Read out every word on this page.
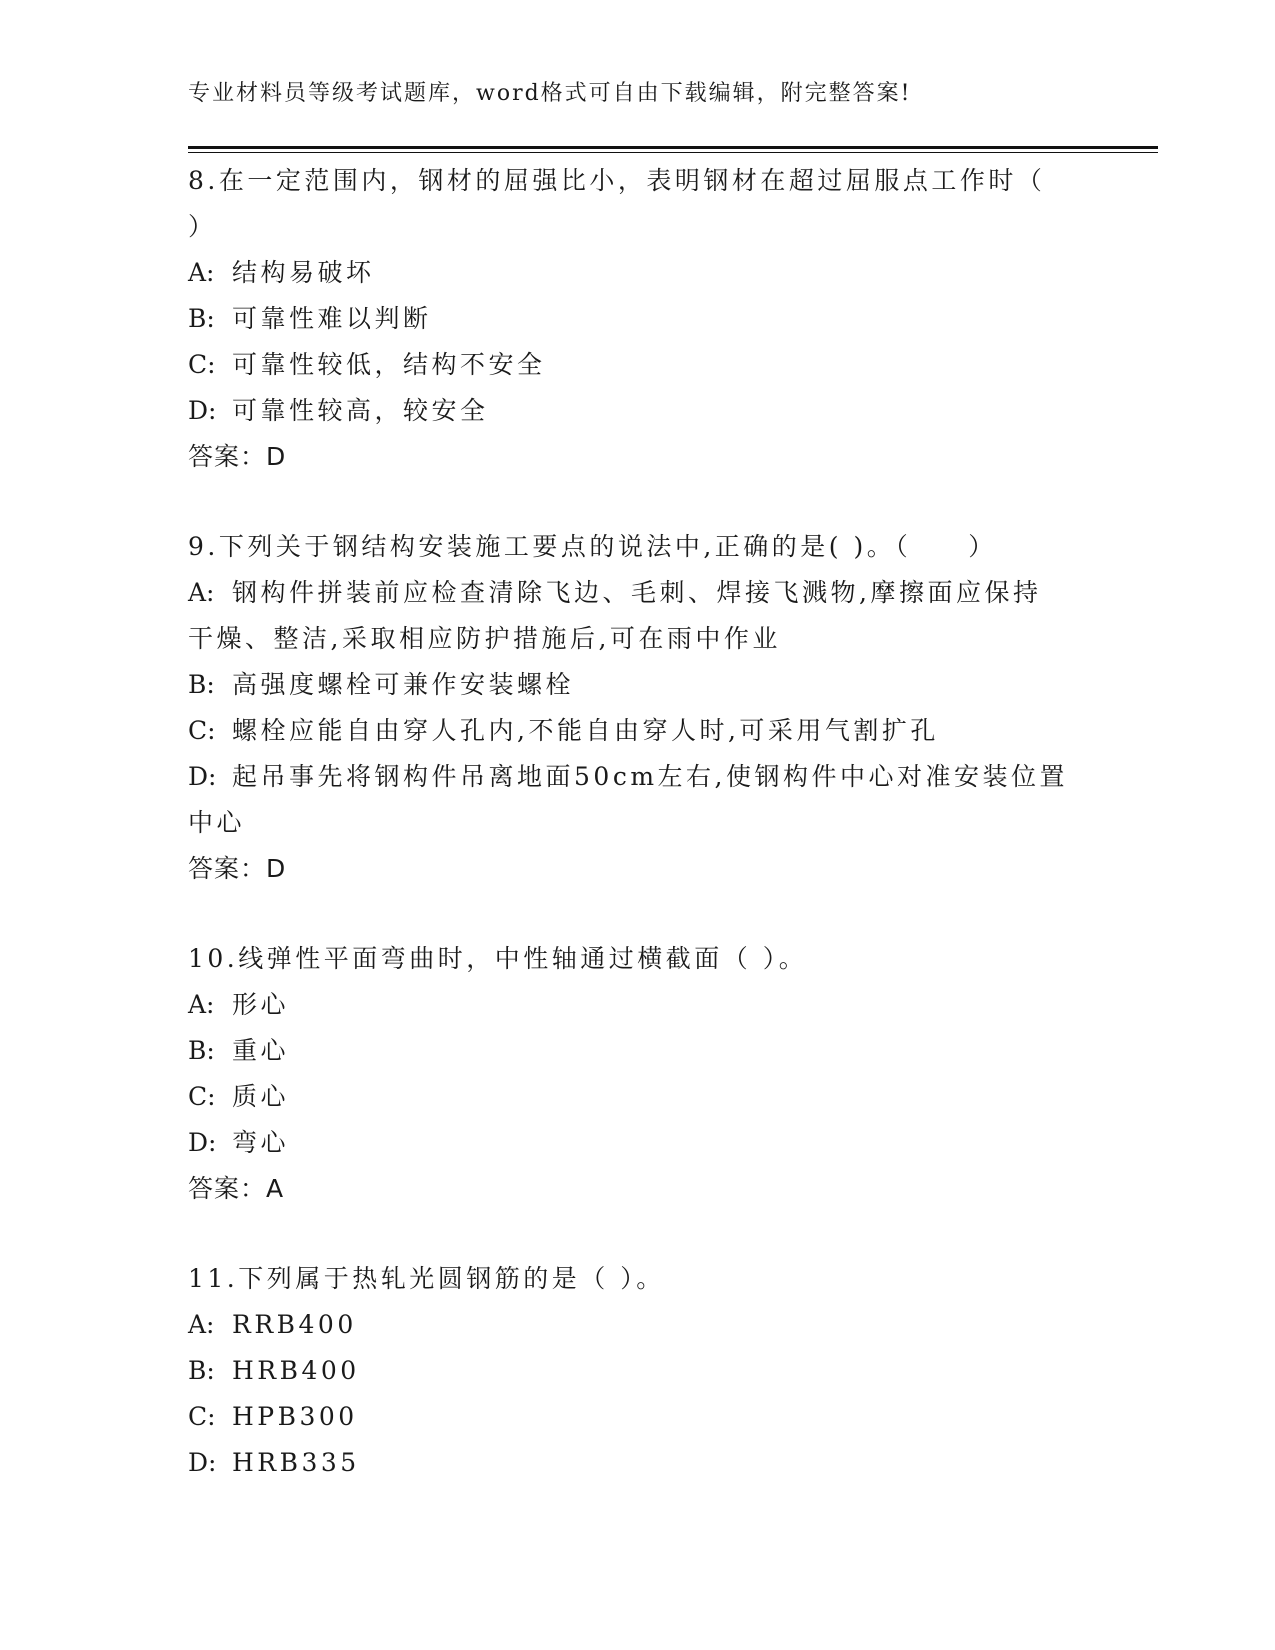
专业材料员等级考试题库，word格式可自由下载编辑，附完整答案!
8.在一定范围内，钢材的屈强比小，表明钢材在超过屈服点工作时（
）
A: 结构易破坏
B: 可靠性难以判断
C: 可靠性较低，结构不安全
D: 可靠性较高，较安全
答案：D
9.下列关于钢结构安装施工要点的说法中,正确的是( )。（　　）
A: 钢构件拼装前应检查清除飞边、毛刺、焊接飞溅物,摩擦面应保持
干燥、整洁,采取相应防护措施后,可在雨中作业
B: 高强度螺栓可兼作安装螺栓
C: 螺栓应能自由穿人孔内,不能自由穿人时,可采用气割扩孔
D: 起吊事先将钢构件吊离地面50cm左右,使钢构件中心对准安装位置
中心
答案：D
10.线弹性平面弯曲时，中性轴通过横截面（ ）。
A: 形心
B: 重心
C: 质心
D: 弯心
答案：A
11.下列属于热轧光圆钢筋的是（ ）。
A: RRB400
B: HRB400
C: HPB300
D: HRB335
